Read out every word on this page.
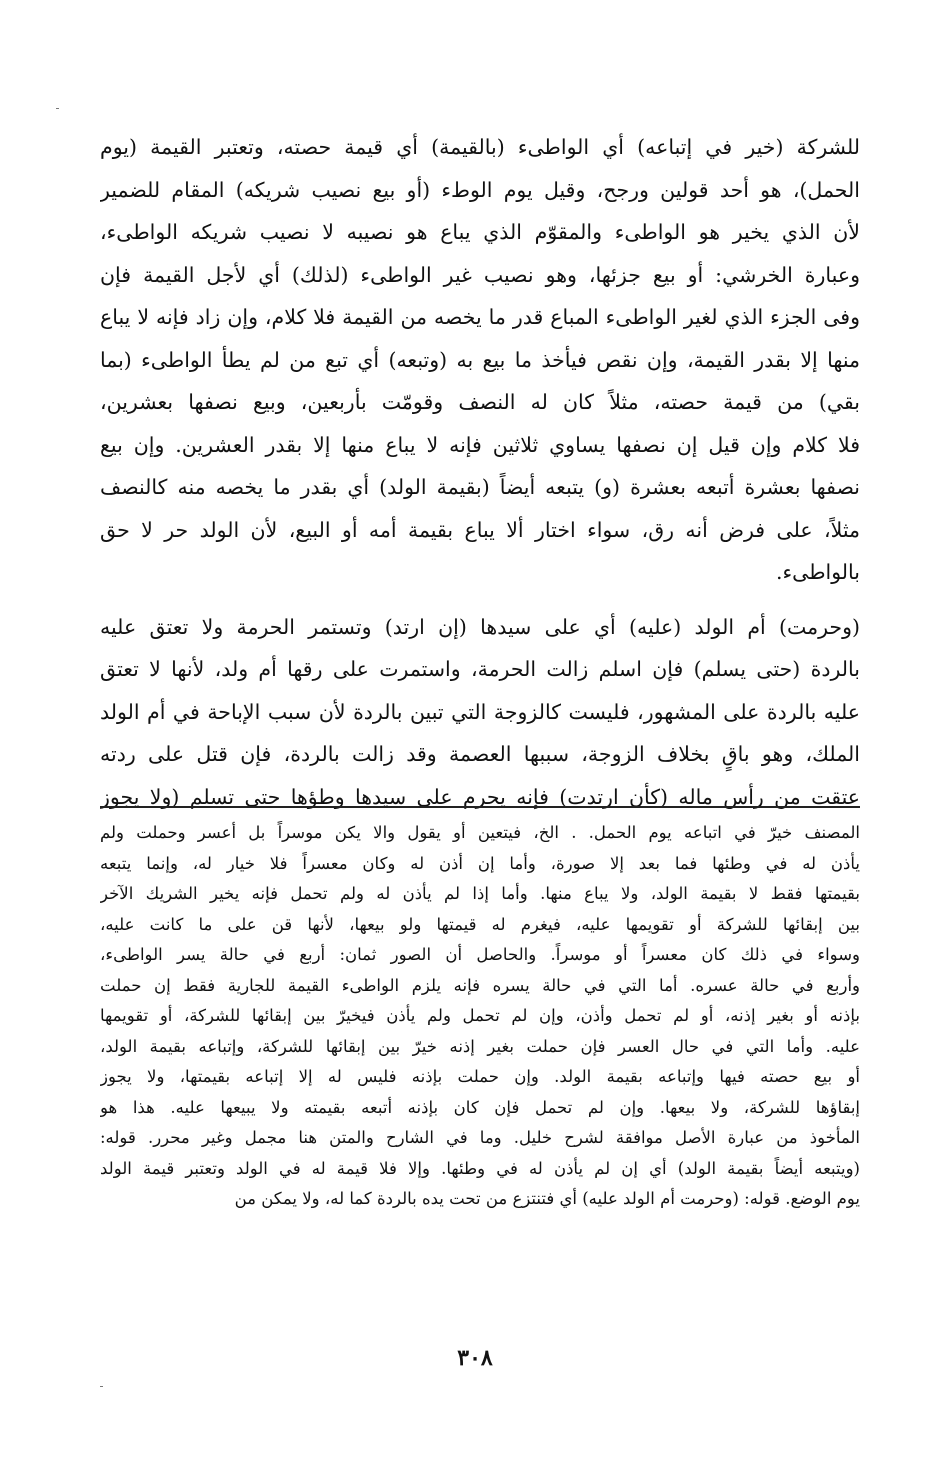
للشركة (خير في إتباعه) أي الواطىء (بالقيمة) أي قيمة حصته، وتعتبر القيمة (يوم
الحمل)، هو أحد قولين ورجح، وقيل يوم الوطء (أو بيع نصيب شريكه) المقام للضمير
لأن الذي يخير هو الواطىء والمقوّم الذي يباع هو نصيبه لا نصيب شريكه الواطىء،
وعبارة الخرشي: أو بيع جزئها، وهو نصيب غير الواطىء (لذلك) أي لأجل القيمة فإن
وفى الجزء الذي لغير الواطىء المباع قدر ما يخصه من القيمة فلا كلام، وإن زاد فإنه لا يباع
منها إلا بقدر القيمة، وإن نقص فيأخذ ما بيع به (وتبعه) أي تبع من لم يطأ الواطىء (بما
بقي) من قيمة حصته، مثلاً كان له النصف وقومّت بأربعين، وبيع نصفها بعشرين،
فلا كلام وإن قيل إن نصفها يساوي ثلاثين فإنه لا يباع منها إلا بقدر العشرين. وإن بيع
نصفها بعشرة أتبعه بعشرة (و) يتبعه أيضاً (بقيمة الولد) أي بقدر ما يخصه منه كالنصف
مثلاً، على فرض أنه رق، سواء اختار ألا يباع بقيمة أمه أو البيع، لأن الولد حر لا حق
بالواطىء.
(وحرمت) أم الولد (عليه) أي على سيدها (إن ارتد) وتستمر الحرمة ولا تعتق عليه
بالردة (حتى يسلم) فإن اسلم زالت الحرمة، واستمرت على رقها أم ولد، لأنها لا تعتق
عليه بالردة على المشهور، فليست كالزوجة التي تبين بالردة لأن سبب الإباحة في أم الولد
الملك، وهو باقٍ بخلاف الزوجة، سببها العصمة وقد زالت بالردة، فإن قتل على ردته
عتقت من رأس ماله (كأن ارتدت) فإنه يحرم على سيدها وطؤها حتى تسلم (ولا يجوز
المصنف خيرّ في اتباعه يوم الحمل. . الخ، فيتعين أو يقول والا يكن موسراً بل أعسر وحملت ولم
يأذن له في وطئها فما بعد إلا صورة، وأما إن أذن له وكان معسراً فلا خيار له، وإنما يتبعه
بقيمتها فقط لا بقيمة الولد، ولا يباع منها. وأما إذا لم يأذن له ولم تحمل فإنه يخير الشريك الآخر
بين إبقائها للشركة أو تقويمها عليه، فيغرم له قيمتها ولو بيعها، لأنها قن على ما كانت عليه،
وسواء في ذلك كان معسراً أو موسراً. والحاصل أن الصور ثمان: أربع في حالة يسر الواطىء،
وأربع في حالة عسره. أما التي في حالة يسره فإنه يلزم الواطىء القيمة للجارية فقط إن حملت
بإذنه أو بغير إذنه، أو لم تحمل وأذن، وإن لم تحمل ولم يأذن فيخيرّ بين إبقائها للشركة، أو تقويمها
عليه. وأما التي في حال العسر فإن حملت بغير إذنه خيرّ بين إبقائها للشركة، وإتباعه بقيمة الولد،
أو بيع حصته فيها وإتباعه بقيمة الولد. وإن حملت بإذنه فليس له إلا إتباعه بقيمتها، ولا يجوز
إبقاؤها للشركة، ولا بيعها. وإن لم تحمل فإن كان بإذنه أتبعه بقيمته ولا يبيعها عليه. هذا هو
المأخوذ من عبارة الأصل موافقة لشرح خليل. وما في الشارح والمتن هنا مجمل وغير محرر. قوله:
(ويتبعه أيضاً بقيمة الولد) أي إن لم يأذن له في وطئها. وإلا فلا قيمة له في الولد وتعتبر قيمة الولد
يوم الوضع. قوله: (وحرمت أم الولد عليه) أي فتنتزع من تحت يده بالردة كما له، ولا يمكن من
٣٠٨
